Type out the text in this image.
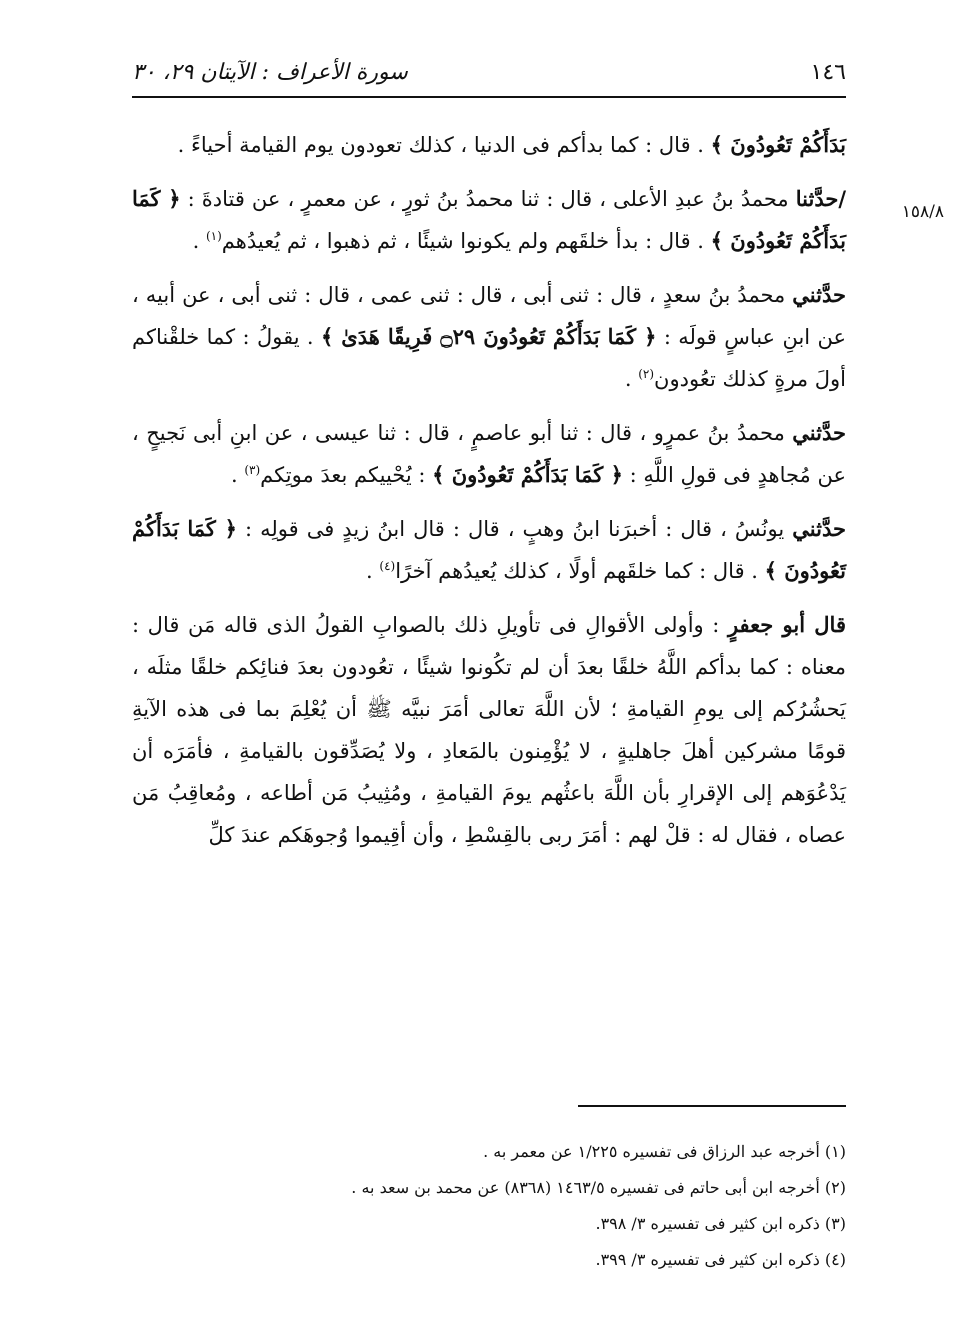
١٤٦
سورة الأعراف : الآيتان ٢٩، ٣٠
١٥٨/٨

بَدَأَكُمْ تَعُودُونَ ﴾ . قال : كما بدأكم فى الدنيا ، كذلك تعودون يوم القيامة أحياءً .

/حدَّثنا محمدُ بنُ عبدِ الأعلى ، قال : ثنا محمدُ بنُ ثورٍ ، عن معمرٍ ، عن قتادةَ : ﴿ كَمَا بَدَأَكُمْ تَعُودُونَ ﴾ . قال : بدأ خلقَهم ولم يكونوا شيئًا ، ثم ذهبوا ، ثم يُعيدُهم$^{(١)}$ .

حدَّثني محمدُ بنُ سعدٍ ، قال : ثنى أبى ، قال : ثنى عمى ، قال : ثنى أبى ، عن أبيه ، عن ابنِ عباسٍ قولَه : ﴿ كَمَا بَدَأَكُمْ تَعُودُونَ ۝٢٩ فَرِيقًا هَدَىٰ ﴾ . يقولُ : كما خلقْناكم أولَ مرةٍ كذلك تعُودون$^{(٢)}$ .

حدَّثني محمدُ بنُ عمرٍو ، قال : ثنا أبو عاصمٍ ، قال : ثنا عيسى ، عن ابنِ أبى نَجيحٍ ، عن مُجاهدٍ فى قولِ اللَّهِ : ﴿ كَمَا بَدَأَكُمْ تَعُودُونَ ﴾ : يُحْييكم بعدَ موتِكم$^{(٣)}$ .

حدَّثني يونُسُ ، قال : أخبرَنا ابنُ وهبٍ ، قال : قال ابنُ زيدٍ فى قولِه : ﴿ كَمَا بَدَأَكُمْ تَعُودُونَ ﴾ . قال : كما خلقَهم أولًا ، كذلك يُعيدُهم آخرًا$^{(٤)}$ .

قال أبو جعفرٍ : وأولى الأقوالِ فى تأويلِ ذلك بالصوابِ القولُ الذى قاله مَن قال : معناه : كما بدأكم اللَّهُ خلقًا بعدَ أن لم تكُونوا شيئًا ، تعُودون بعدَ فنائِكم خلقًا مثلَه ، يَحشُرُكم إلى يومِ القيامةِ ؛ لأن اللَّهَ تعالى أمَرَ نبيَّه ﷺ أن يُعْلِمَ بما فى هذه الآيةِ قومًا مشركين أهلَ جاهليةٍ ، لا يُؤْمِنون بالمَعادِ ، ولا يُصَدِّقون بالقيامةِ ، فأمَرَه أن يَدْعُوَهم إلى الإقرارِ بأن اللَّهَ باعثُهم يومَ القيامةِ ، ومُثِيبُ مَن أطاعه ، ومُعاقِبُ مَن عصاه ، فقال له : قلْ لهم : أمَرَ ربى بالقِسْطِ ، وأن أقِيموا وُجوهَكم عندَ كلِّ

(١) أخرجه عبد الرزاق فى تفسيره ١/٢٢٥ عن معمر به .
(٢) أخرجه ابن أبى حاتم فى تفسيره ١٤٦٣/٥ (٨٣٦٨) عن محمد بن سعد به .
(٣) ذكره ابن كثير فى تفسيره ٣/ ٣٩٨.
(٤) ذكره ابن كثير فى تفسيره ٣/ ٣٩٩.
